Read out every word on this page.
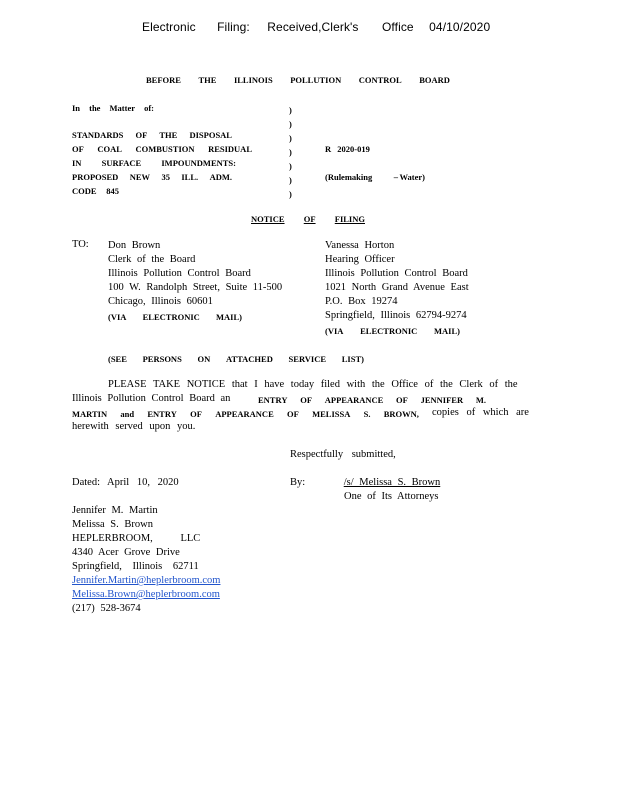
Electronic Filing: Received,Clerk's Office 04/10/2020
BEFORE THE ILLINOIS POLLUTION CONTROL BOARD
In the Matter of:
STANDARDS OF THE DISPOSAL
OF COAL COMBUSTION RESIDUAL
IN SURFACE IMPOUNDMENTS:
PROPOSED NEW 35 ILL. ADM.
CODE 845
)
)
)
)
)
)
)
R 2020-019
(Rulemaking	– Water)
NOTICE OF FILING
TO: Don Brown
Clerk of the Board
Illinois Pollution Control Board
100 W. Randolph Street, Suite 11-500
Chicago, Illinois 60601
(VIA ELECTRONIC MAIL)
Vanessa Horton
Hearing Officer
Illinois Pollution Control Board
1021 North Grand Avenue East
P.O. Box 19274
Springfield, Illinois 62794-9274
(VIA ELECTRONIC MAIL)
(SEE PERSONS ON ATTACHED SERVICE LIST)
PLEASE TAKE NOTICE that I have today filed with the Office of the Clerk of the
Illinois Pollution Control Board an	ENTRY OF APPEARANCE OF JENNIFER M.
MARTIN and ENTRY OF APPEARANCE OF MELISSA S. BROWN, copies of which are
herewith served upon you.
Respectfully submitted,
Dated: April 10, 2020	By:	/s/ Melissa S. Brown
One of Its Attorneys
Jennifer M. Martin
Melissa S. Brown
HEPLERBROOM,	LLC
4340 Acer Grove Drive
Springfield, Illinois 62711
Jennifer.Martin@heplerbroom.com
Melissa.Brown@heplerbroom.com
(217) 528-3674
